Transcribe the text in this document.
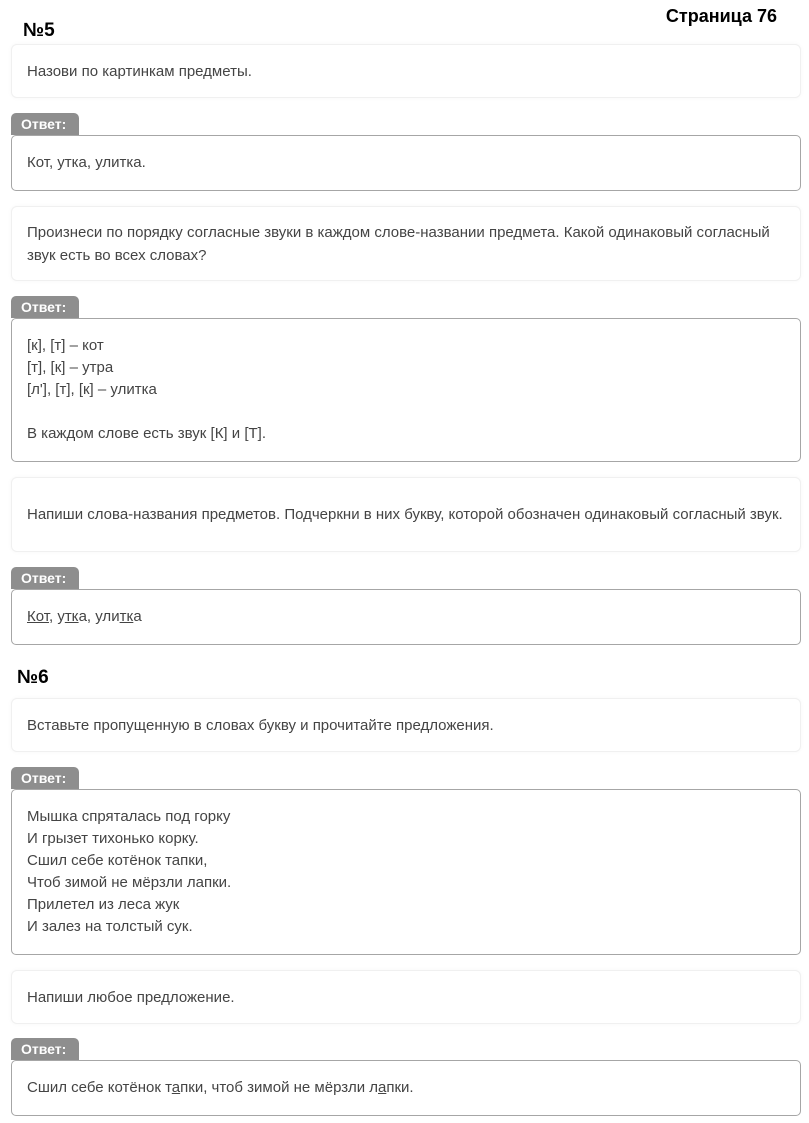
Страница 76
№5
Назови по картинкам предметы.
Ответ:
Кот, утка, улитка.
Произнеси по порядку согласные звуки в каждом слове-названии предмета. Какой одинаковый согласный звук есть во всех словах?
Ответ:
[к], [т] – кот
[т], [к] – утра
[л'], [т], [к] – улитка
В каждом слове есть звук [К] и [Т].
Напиши слова-названия предметов. Подчеркни в них букву, которой обозначен одинаковый согласный звук.
Ответ:
Кот, утка, улитка
№6
Вставьте пропущенную в словах букву и прочитайте предложения.
Ответ:
Мышка спряталась под горку
И грызет тихонько корку.
Сшил себе котёнок тапки,
Чтоб зимой не мёрзли лапки.
Прилетел из леса жук
И залез на толстый сук.
Напиши любое предложение.
Ответ:
Сшил себе котёнок тапки, чтоб зимой не мёрзли лапки.
